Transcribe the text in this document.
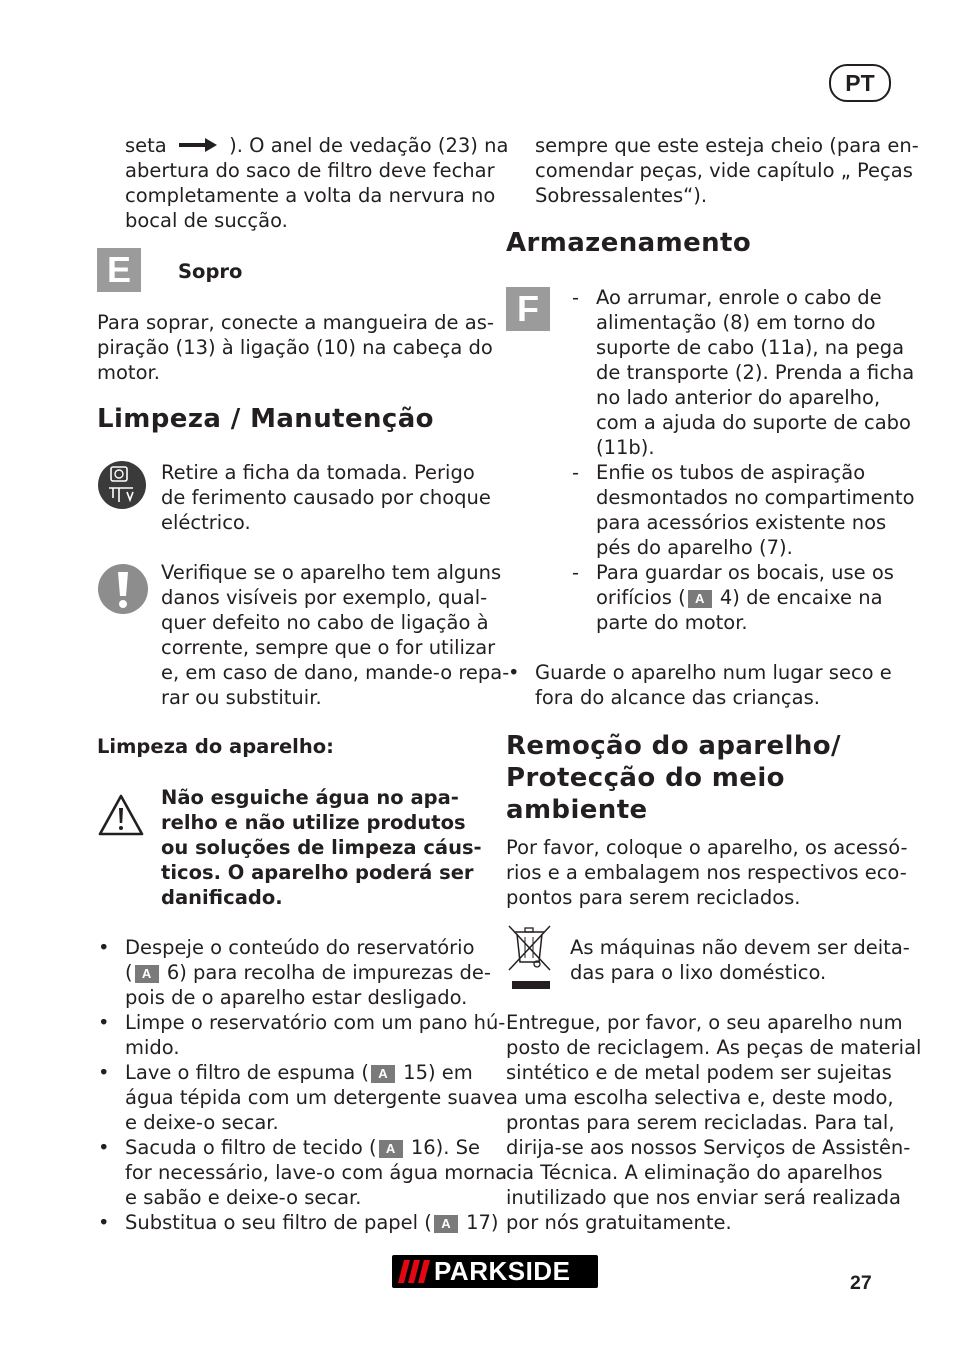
PT
seta	). O anel de vedação (23) na
abertura do saco de filtro deve fechar
completamente a volta da nervura no
bocal de sucção.
E	Sopro
Para soprar, conecte a mangueira de as-
piração (13) à ligação (10) na cabeça do
motor.
Limpeza / Manutenção
Retire a ficha da tomada. Perigo
de ferimento causado por choque
eléctrico.
Verifique se o aparelho tem alguns
danos visíveis por exemplo, qual-
quer defeito no cabo de ligação à
corrente, sempre que o for utilizar
e, em caso de dano, mande-o repa-
rar ou substituir.
Limpeza do aparelho:
Não esguiche água no apa-
relho e não utilize produtos
ou soluções de limpeza cáus-
ticos. O aparelho poderá ser
danificado.
• Despeje o conteúdo do reservatório
( A 6) para recolha de impurezas de-
pois de o aparelho estar desligado.
• Limpe o reservatório com um pano hú-
mido.
• Lave o filtro de espuma ( A 15) em
água tépida com um detergente suave
e deixe-o secar.
• Sacuda o filtro de tecido ( A 16). Se
for necessário, lave-o com água morna
e sabão e deixe-o secar.
• Substitua o seu filtro de papel ( A 17)
sempre que este esteja cheio (para en-
comendar peças, vide capítulo „ Peças
Sobressalentes“).
Armazenamento
F	- Ao arrumar, enrole o cabo de
alimentação (8) em torno do
suporte de cabo (11a), na pega
de transporte (2). Prenda a ficha
no lado anterior do aparelho,
com a ajuda do suporte de cabo
(11b).
- Enfie os tubos de aspiração
desmontados no compartimento
para acessórios existente nos
pés do aparelho (7).
- Para guardar os bocais, use os
orifícios ( A 4) de encaixe na
parte do motor.
• Guarde o aparelho num lugar seco e
fora do alcance das crianças.
Remoção do aparelho/
Protecção do meio
ambiente
Por favor, coloque o aparelho, os acessó-
rios e a embalagem nos respectivos eco-
pontos para serem reciclados.
As máquinas não devem ser deita-
das para o lixo doméstico.
Entregue, por favor, o seu aparelho num
posto de reciclagem. As peças de material
sintético e de metal podem ser sujeitas
a uma escolha selectiva e, deste modo,
prontas para serem recicladas. Para tal,
dirija-se aos nossos Serviços de Assistên-
cia Técnica. A eliminação do aparelhos
inutilizado que nos enviar será realizada
por nós gratuitamente.
PARKSIDE	27
